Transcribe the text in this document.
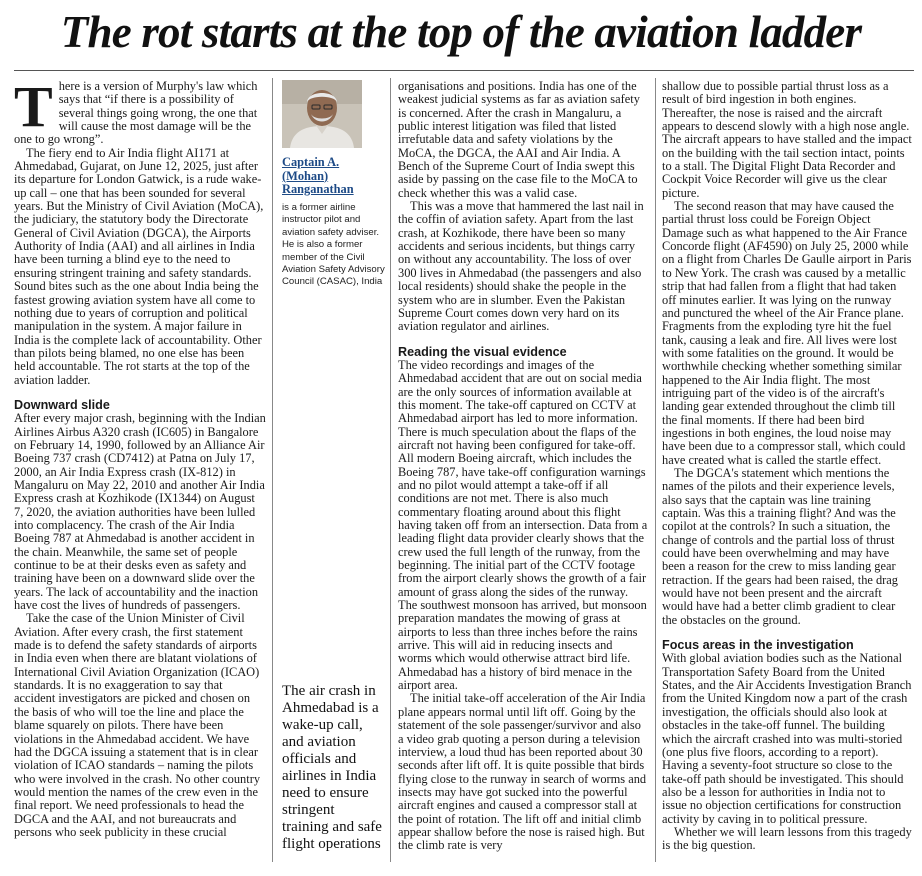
The rot starts at the top of the aviation ladder

There is a version of Murphy's law which says that “if there is a possibility of several things going wrong, the one that will cause the most damage will be the one to go wrong”.

The fiery end to Air India flight AI171 at Ahmedabad, Gujarat, on June 12, 2025, just after its departure for London Gatwick, is a rude wake-up call – one that has been sounded for several years. But the Ministry of Civil Aviation (MoCA), the judiciary, the statutory body the Directorate General of Civil Aviation (DGCA), the Airports Authority of India (AAI) and all airlines in India have been turning a blind eye to the need to ensuring stringent training and safety standards. Sound bites such as the one about India being the fastest growing aviation system have all come to nothing due to years of corruption and political manipulation in the system. A major failure in India is the complete lack of accountability. Other than pilots being blamed, no one else has been held accountable. The rot starts at the top of the aviation ladder.

Downward slide

After every major crash, beginning with the Indian Airlines Airbus A320 crash (IC605) in Bangalore on February 14, 1990, followed by an Alliance Air Boeing 737 crash (CD7412) at Patna on July 17, 2000, an Air India Express crash (IX-812) in Mangaluru on May 22, 2010 and another Air India Express crash at Kozhikode (IX1344) on August 7, 2020, the aviation authorities have been lulled into complacency. The crash of the Air India Boeing 787 at Ahmedabad is another accident in the chain. Meanwhile, the same set of people continue to be at their desks even as safety and training have been on a downward slide over the years. The lack of accountability and the inaction have cost the lives of hundreds of passengers.

Take the case of the Union Minister of Civil Aviation. After every crash, the first statement made is to defend the safety standards of airports in India even when there are blatant violations of International Civil Aviation Organization (ICAO) standards. It is no exaggeration to say that accident investigators are picked and chosen on the basis of who will toe the line and place the blame squarely on pilots. There have been violations in the Ahmedabad accident. We have had the DGCA issuing a statement that is in clear violation of ICAO standards – naming the pilots who were involved in the crash. No other country would mention the names of the crew even in the final report. We need professionals to head the DGCA and the AAI, and not bureaucrats and persons who seek publicity in these crucial

Captain A. (Mohan) Ranganathan
is a former airline instructor pilot and aviation safety adviser. He is also a former member of the Civil Aviation Safety Advisory Council (CASAC), India
The air crash in Ahmedabad is a wake-up call, and aviation officials and airlines in India need to ensure stringent training and safe flight operations

organisations and positions. India has one of the weakest judicial systems as far as aviation safety is concerned. After the crash in Mangaluru, a public interest litigation was filed that listed irrefutable data and safety violations by the MoCA, the DGCA, the AAI and Air India. A Bench of the Supreme Court of India swept this aside by passing on the case file to the MoCA to check whether this was a valid case.

This was a move that hammered the last nail in the coffin of aviation safety. Apart from the last crash, at Kozhikode, there have been so many accidents and serious incidents, but things carry on without any accountability. The loss of over 300 lives in Ahmedabad (the passengers and also local residents) should shake the people in the system who are in slumber. Even the Pakistan Supreme Court comes down very hard on its aviation regulator and airlines.

Reading the visual evidence

The video recordings and images of the Ahmedabad accident that are out on social media are the only sources of information available at this moment. The take-off captured on CCTV at Ahmedabad airport has led to more information. There is much speculation about the flaps of the aircraft not having been configured for take-off. All modern Boeing aircraft, which includes the Boeing 787, have take-off configuration warnings and no pilot would attempt a take-off if all conditions are not met. There is also much commentary floating around about this flight having taken off from an intersection. Data from a leading flight data provider clearly shows that the crew used the full length of the runway, from the beginning. The initial part of the CCTV footage from the airport clearly shows the growth of a fair amount of grass along the sides of the runway. The southwest monsoon has arrived, but monsoon preparation mandates the mowing of grass at airports to less than three inches before the rains arrive. This will aid in reducing insects and worms which would otherwise attract bird life. Ahmedabad has a history of bird menace in the airport area.

The initial take-off acceleration of the Air India plane appears normal until lift off. Going by the statement of the sole passenger/survivor and also a video grab quoting a person during a television interview, a loud thud has been reported about 30 seconds after lift off. It is quite possible that birds flying close to the runway in search of worms and insects may have got sucked into the powerful aircraft engines and caused a compressor stall at the point of rotation. The lift off and initial climb appear shallow before the nose is raised high. But the climb rate is very

shallow due to possible partial thrust loss as a result of bird ingestion in both engines. Thereafter, the nose is raised and the aircraft appears to descend slowly with a high nose angle. The aircraft appears to have stalled and the impact on the building with the tail section intact, points to a stall. The Digital Flight Data Recorder and Cockpit Voice Recorder will give us the clear picture.

The second reason that may have caused the partial thrust loss could be Foreign Object Damage such as what happened to the Air France Concorde flight (AF4590) on July 25, 2000 while on a flight from Charles De Gaulle airport in Paris to New York. The crash was caused by a metallic strip that had fallen from a flight that had taken off minutes earlier. It was lying on the runway and punctured the wheel of the Air France plane. Fragments from the exploding tyre hit the fuel tank, causing a leak and fire. All lives were lost with some fatalities on the ground. It would be worthwhile checking whether something similar happened to the Air India flight. The most intriguing part of the video is of the aircraft's landing gear extended throughout the climb till the final moments. If there had been bird ingestions in both engines, the loud noise may have been due to a compressor stall, which could have created what is called the startle effect.

The DGCA's statement which mentions the names of the pilots and their experience levels, also says that the captain was line training captain. Was this a training flight? And was the copilot at the controls? In such a situation, the change of controls and the partial loss of thrust could have been overwhelming and may have been a reason for the crew to miss landing gear retraction. If the gears had been raised, the drag would have not been present and the aircraft would have had a better climb gradient to clear the obstacles on the ground.

Focus areas in the investigation

With global aviation bodies such as the National Transportation Safety Board from the United States, and the Air Accidents Investigation Branch from the United Kingdom now a part of the crash investigation, the officials should also look at obstacles in the take-off funnel. The building which the aircraft crashed into was multi-storied (one plus five floors, according to a report). Having a seventy-foot structure so close to the take-off path should be investigated. This should also be a lesson for authorities in India not to issue no objection certifications for construction activity by caving in to political pressure.

Whether we will learn lessons from this tragedy is the big question.
